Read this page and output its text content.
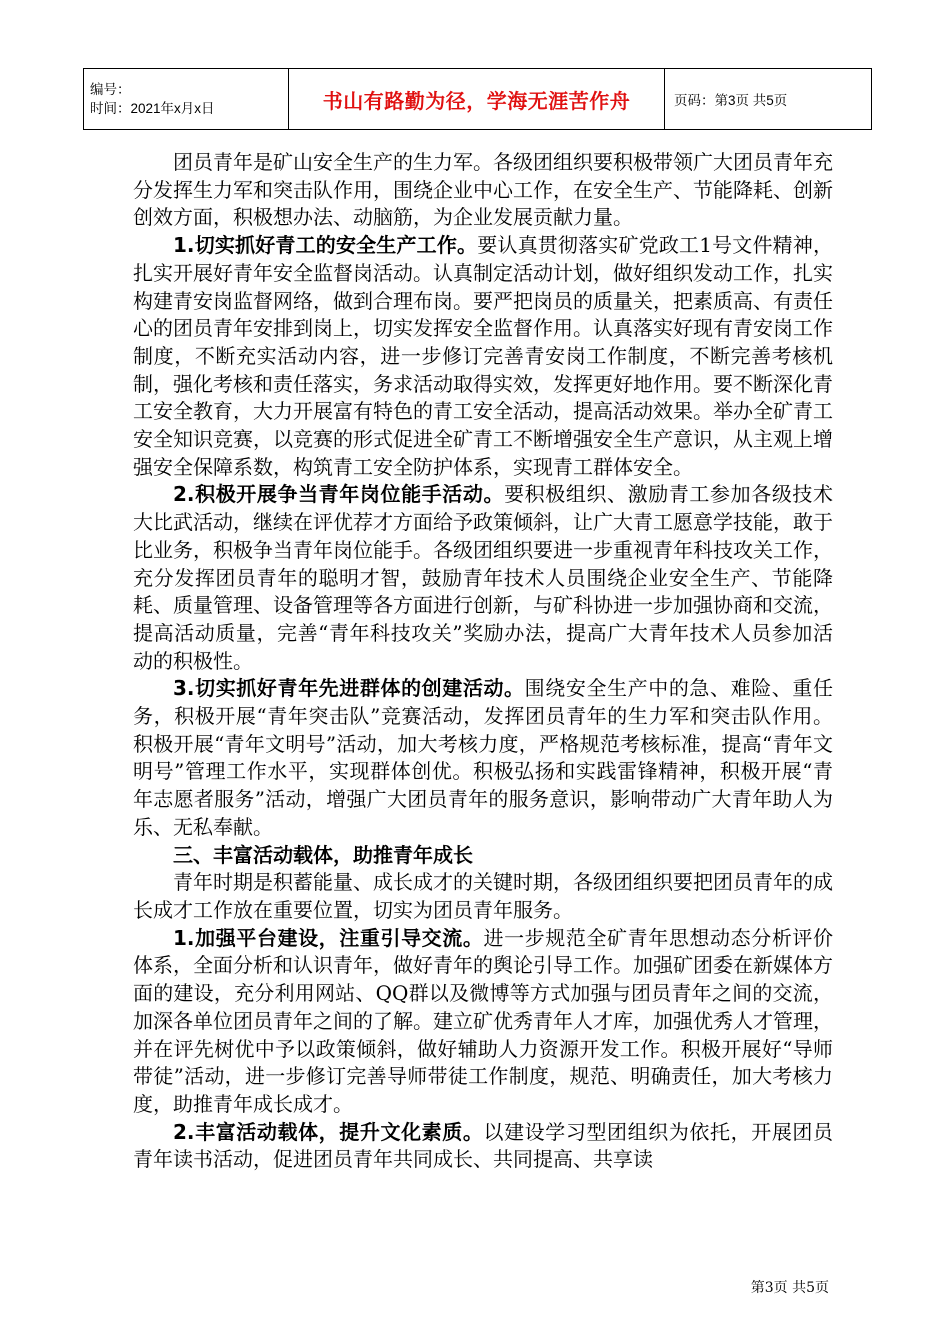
编号：
时间：2021年x月x日	书山有路勤为径，学海无涯苦作舟	页码：第3页 共5页

团员青年是矿山安全生产的生力军。各级团组织要积极带领广大团员青年充分发挥生力军和突击队作用，围绕企业中心工作，在安全生产、节能降耗、创新创效方面，积极想办法、动脑筋，为企业发展贡献力量。

1.切实抓好青工的安全生产工作。要认真贯彻落实矿党政工1号文件精神，扎实开展好青年安全监督岗活动。认真制定活动计划，做好组织发动工作，扎实构建青安岗监督网络，做到合理布岗。要严把岗员的质量关，把素质高、有责任心的团员青年安排到岗上，切实发挥安全监督作用。认真落实好现有青安岗工作制度，不断充实活动内容，进一步修订完善青安岗工作制度，不断完善考核机制，强化考核和责任落实，务求活动取得实效，发挥更好地作用。要不断深化青工安全教育，大力开展富有特色的青工安全活动，提高活动效果。举办全矿青工安全知识竞赛，以竞赛的形式促进全矿青工不断增强安全生产意识，从主观上增强安全保障系数，构筑青工安全防护体系，实现青工群体安全。

2.积极开展争当青年岗位能手活动。要积极组织、激励青工参加各级技术大比武活动，继续在评优荐才方面给予政策倾斜，让广大青工愿意学技能，敢于比业务，积极争当青年岗位能手。各级团组织要进一步重视青年科技攻关工作，充分发挥团员青年的聪明才智，鼓励青年技术人员围绕企业安全生产、节能降耗、质量管理、设备管理等各方面进行创新，与矿科协进一步加强协商和交流，提高活动质量，完善“青年科技攻关”奖励办法，提高广大青年技术人员参加活动的积极性。

3.切实抓好青年先进群体的创建活动。围绕安全生产中的急、难险、重任务，积极开展“青年突击队”竞赛活动，发挥团员青年的生力军和突击队作用。积极开展“青年文明号”活动，加大考核力度，严格规范考核标准，提高“青年文明号”管理工作水平，实现群体创优。积极弘扬和实践雷锋精神，积极开展“青年志愿者服务”活动，增强广大团员青年的服务意识，影响带动广大青年助人为乐、无私奉献。

三、丰富活动载体，助推青年成长

青年时期是积蓄能量、成长成才的关键时期，各级团组织要把团员青年的成长成才工作放在重要位置，切实为团员青年服务。

1.加强平台建设，注重引导交流。进一步规范全矿青年思想动态分析评价体系，全面分析和认识青年，做好青年的舆论引导工作。加强矿团委在新媒体方面的建设，充分利用网站、QQ群以及微博等方式加强与团员青年之间的交流，加深各单位团员青年之间的了解。建立矿优秀青年人才库，加强优秀人才管理，并在评先树优中予以政策倾斜，做好辅助人力资源开发工作。积极开展好“导师带徒”活动，进一步修订完善导师带徒工作制度，规范、明确责任，加大考核力度，助推青年成长成才。

2.丰富活动载体，提升文化素质。以建设学习型团组织为依托，开展团员青年读书活动，促进团员青年共同成长、共同提高、共享读

第3页 共5页
